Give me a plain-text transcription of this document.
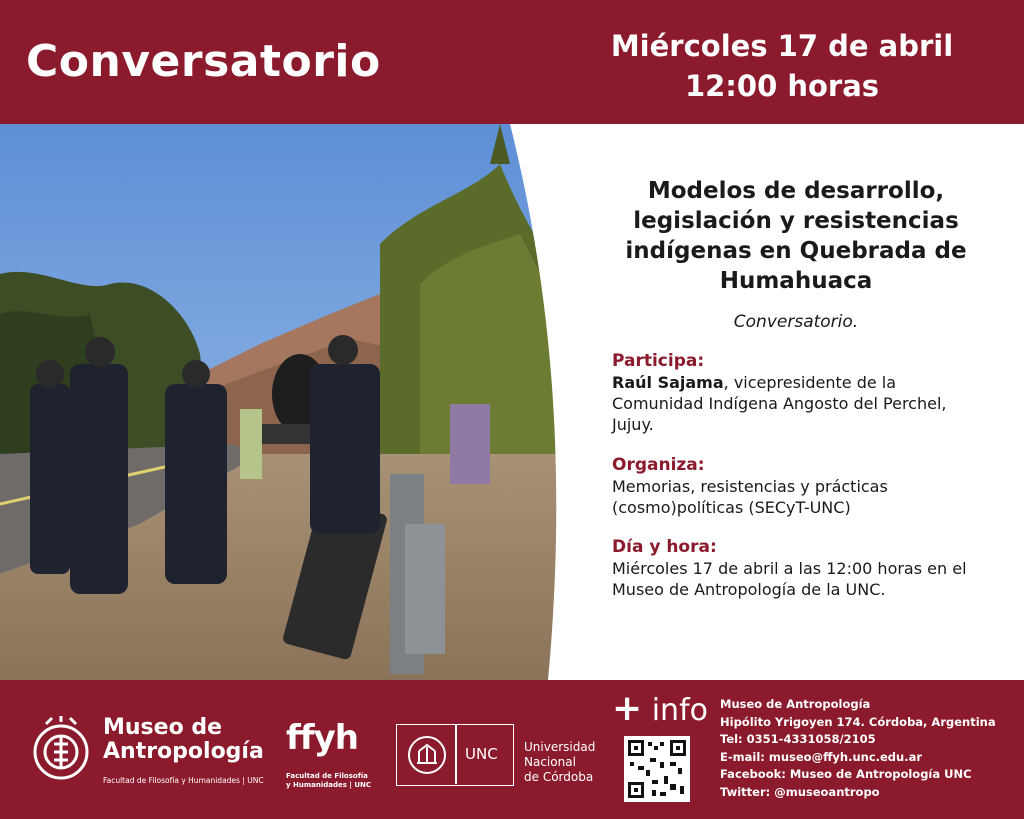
Conversatorio	Miércoles 17 de abril
12:00 horas
Modelos de desarrollo,
legislación y resistencias
indígenas en Quebrada de
Humahuaca
Conversatorio.
Participa:
Raúl Sajama, vicepresidente de la Comunidad Indígena Angosto del Perchel, Jujuy.
Organiza:
Memorias, resistencias y prácticas (cosmo)políticas (SECyT-UNC)
Día y hora:
Miércoles 17 de abril a las 12:00 horas en el Museo de Antropología de la UNC.
Museo de
Antropología
Facultad de Filosofía y Humanidades | UNC
ffyh
Facultad de Filosofía
y Humanidades | UNC
UNC Universidad
Nacional
de Córdoba
+ info Museo de Antropología
Hipólito Yrigoyen 174. Córdoba, Argentina
Tel: 0351-4331058/2105
E-mail: museo@ffyh.unc.edu.ar
Facebook: Museo de Antropología UNC
Twitter: @museoantropo
